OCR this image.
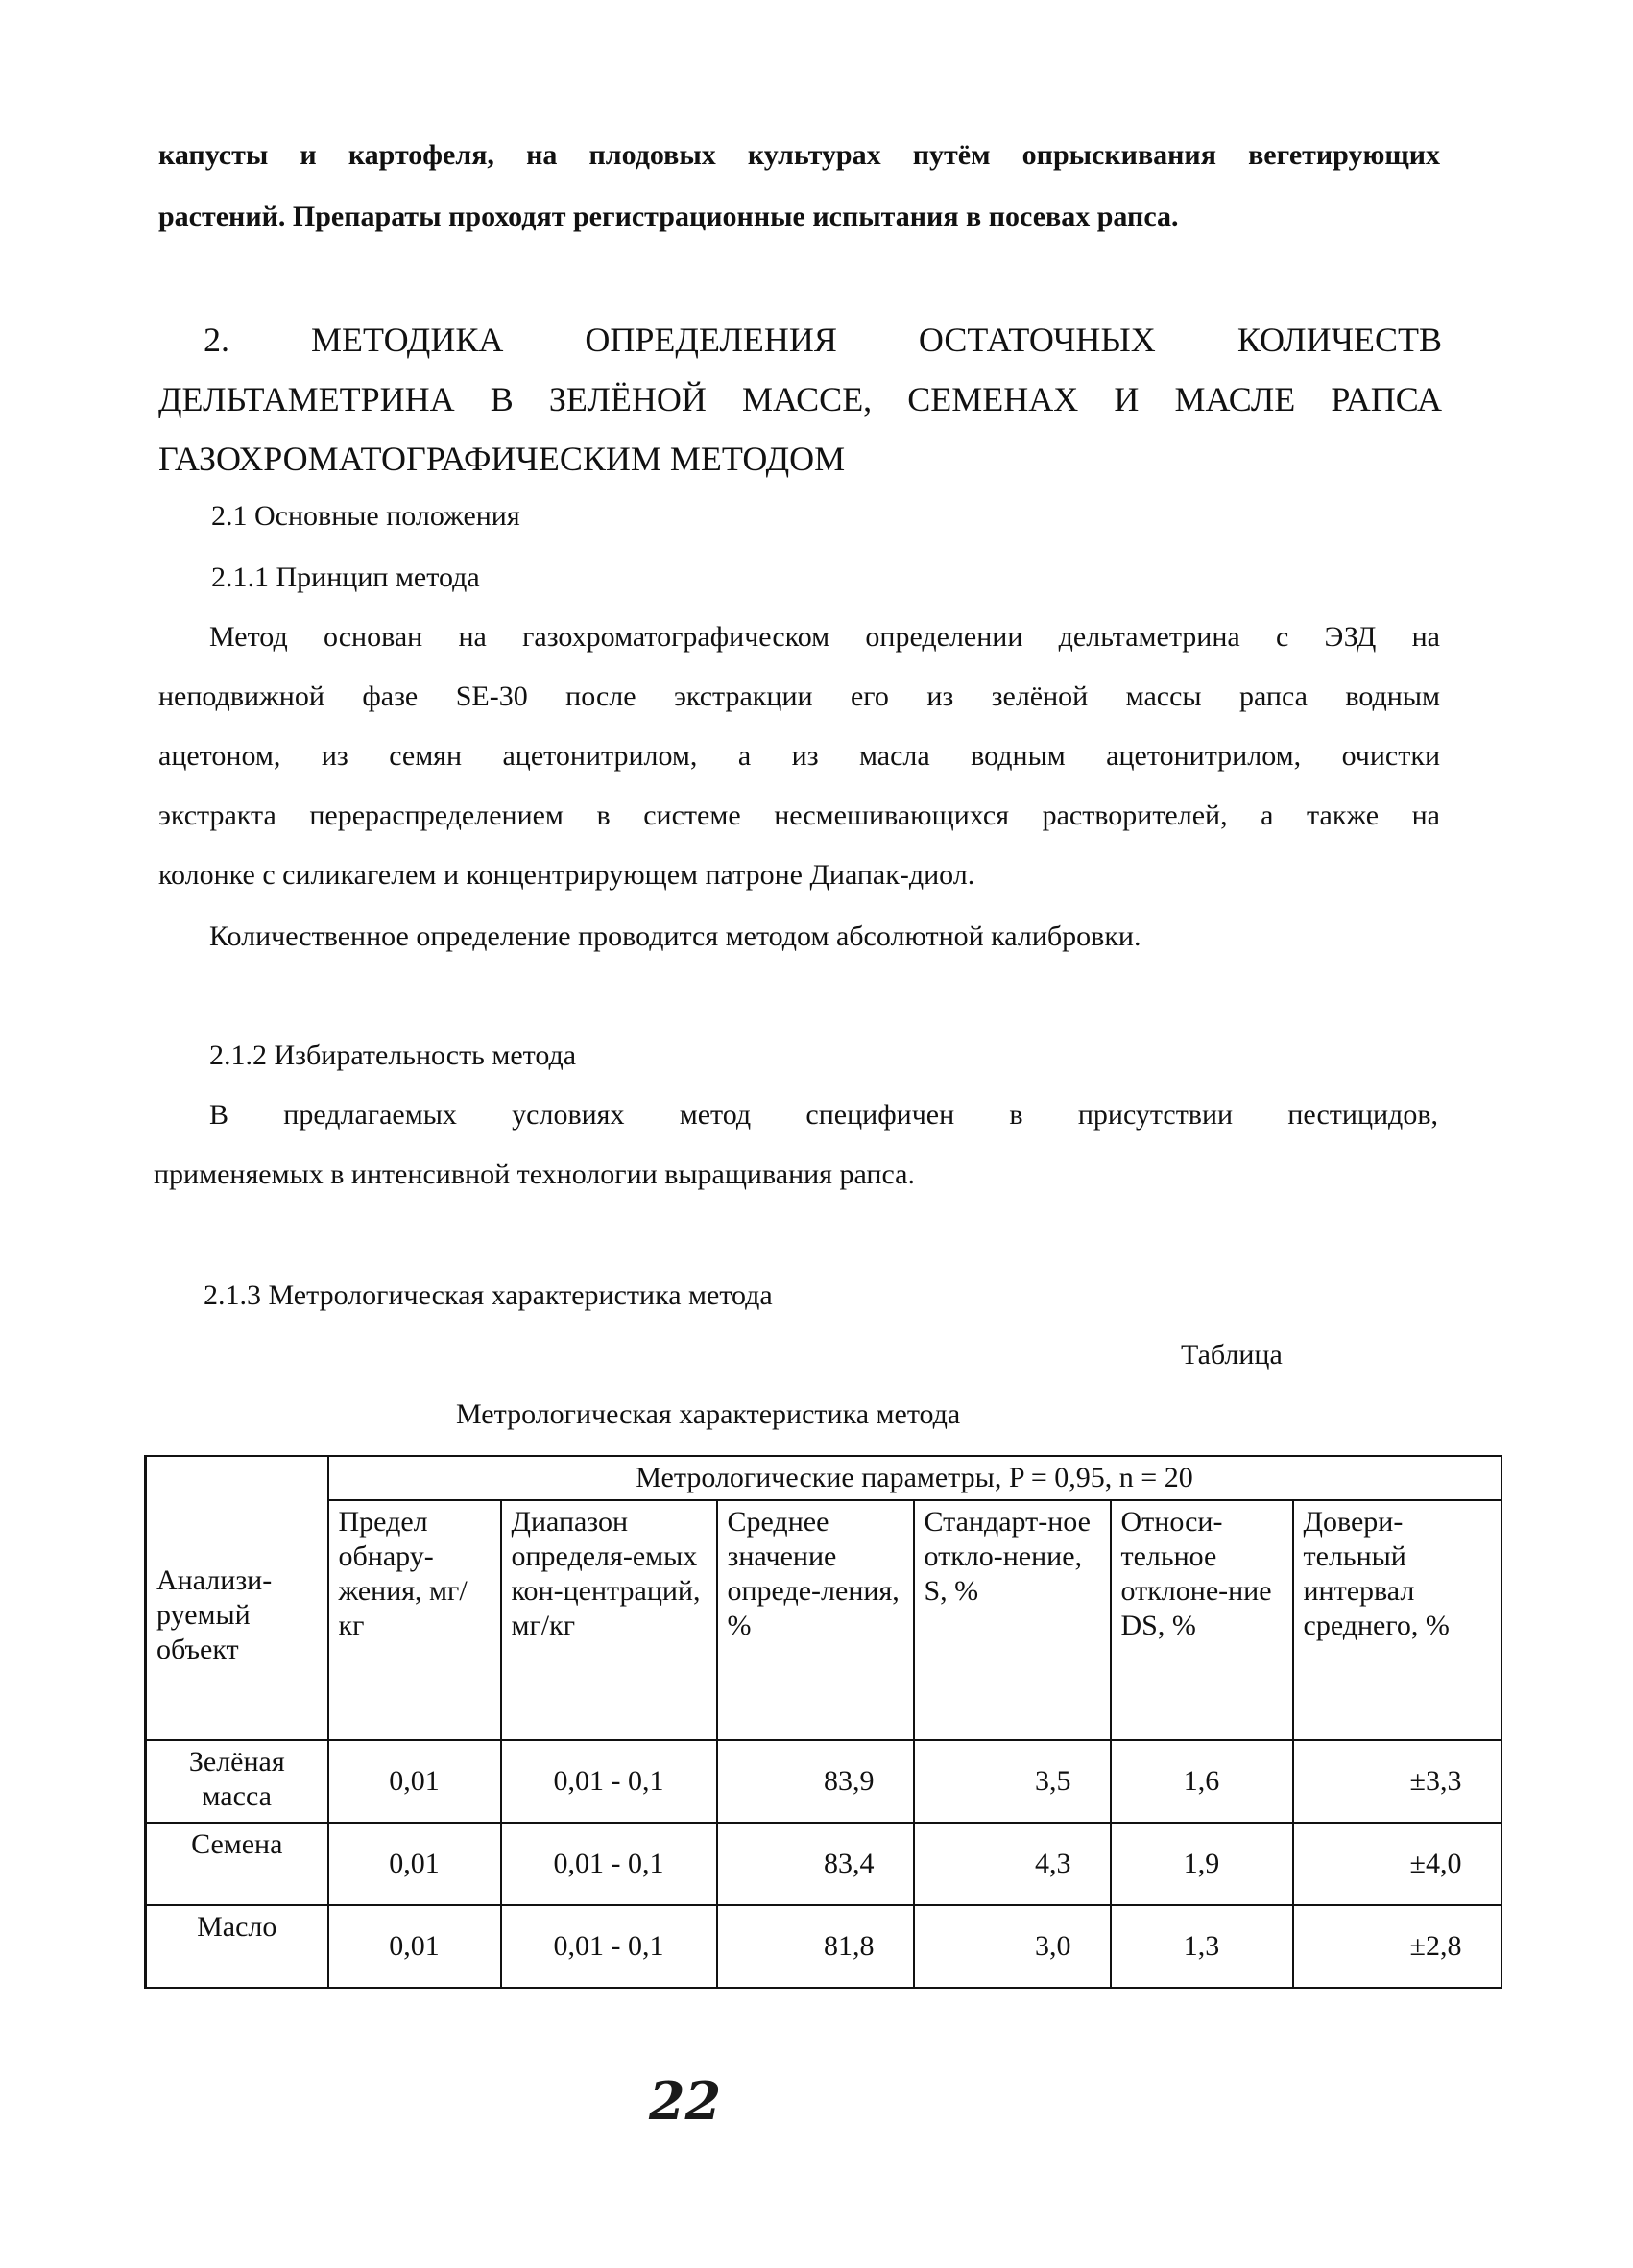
капусты и картофеля, на плодовых культурах путём опрыскивания вегетирующих
растений. Препараты проходят регистрационные испытания в посевах рапса.
2. МЕТОДИКА ОПРЕДЕЛЕНИЯ ОСТАТОЧНЫХ КОЛИЧЕСТВ
ДЕЛЬТАМЕТРИНА В ЗЕЛЁНОЙ МАССЕ, СЕМЕНАХ И МАСЛЕ РАПСА
ГАЗОХРОМАТОГРАФИЧЕСКИМ МЕТОДОМ
2.1 Основные положения
2.1.1 Принцип метода
Метод основан на газохроматографическом определении дельтаметрина с ЭЗД на
неподвижной фазе SE-30 после экстракции его из зелёной массы рапса водным
ацетоном, из семян ацетонитрилом, а из масла водным ацетонитрилом, очистки
экстракта перераспределением в системе несмешивающихся растворителей, а также на
колонке с силикагелем и концентрирующем патроне Диапак-диол.
Количественное определение проводится методом абсолютной калибровки.
2.1.2 Избирательность метода
В предлагаемых условиях метод специфичен в присутствии пестицидов,
применяемых в интенсивной технологии выращивания рапса.
2.1.3 Метрологическая характеристика метода
Таблица
Метрологическая характеристика метода
Анализи-руемый объект	Метрологические параметры, P = 0,95, n = 20					
	Предел обнару-жения, мг/кг	Диапазон определя-емых кон-центраций, мг/кг	Среднее значение опреде-ления, %	Стандарт-ное откло-нение, S, %	Относи-тельное отклоне-ние DS, %	Довери-тельный интервал среднего, %
Зелёная масса	0,01	0,01 - 0,1	83,9	3,5	1,6	±3,3
Семена	0,01	0,01 - 0,1	83,4	4,3	1,9	±4,0
Масло	0,01	0,01 - 0,1	81,8	3,0	1,3	±2,8
22
